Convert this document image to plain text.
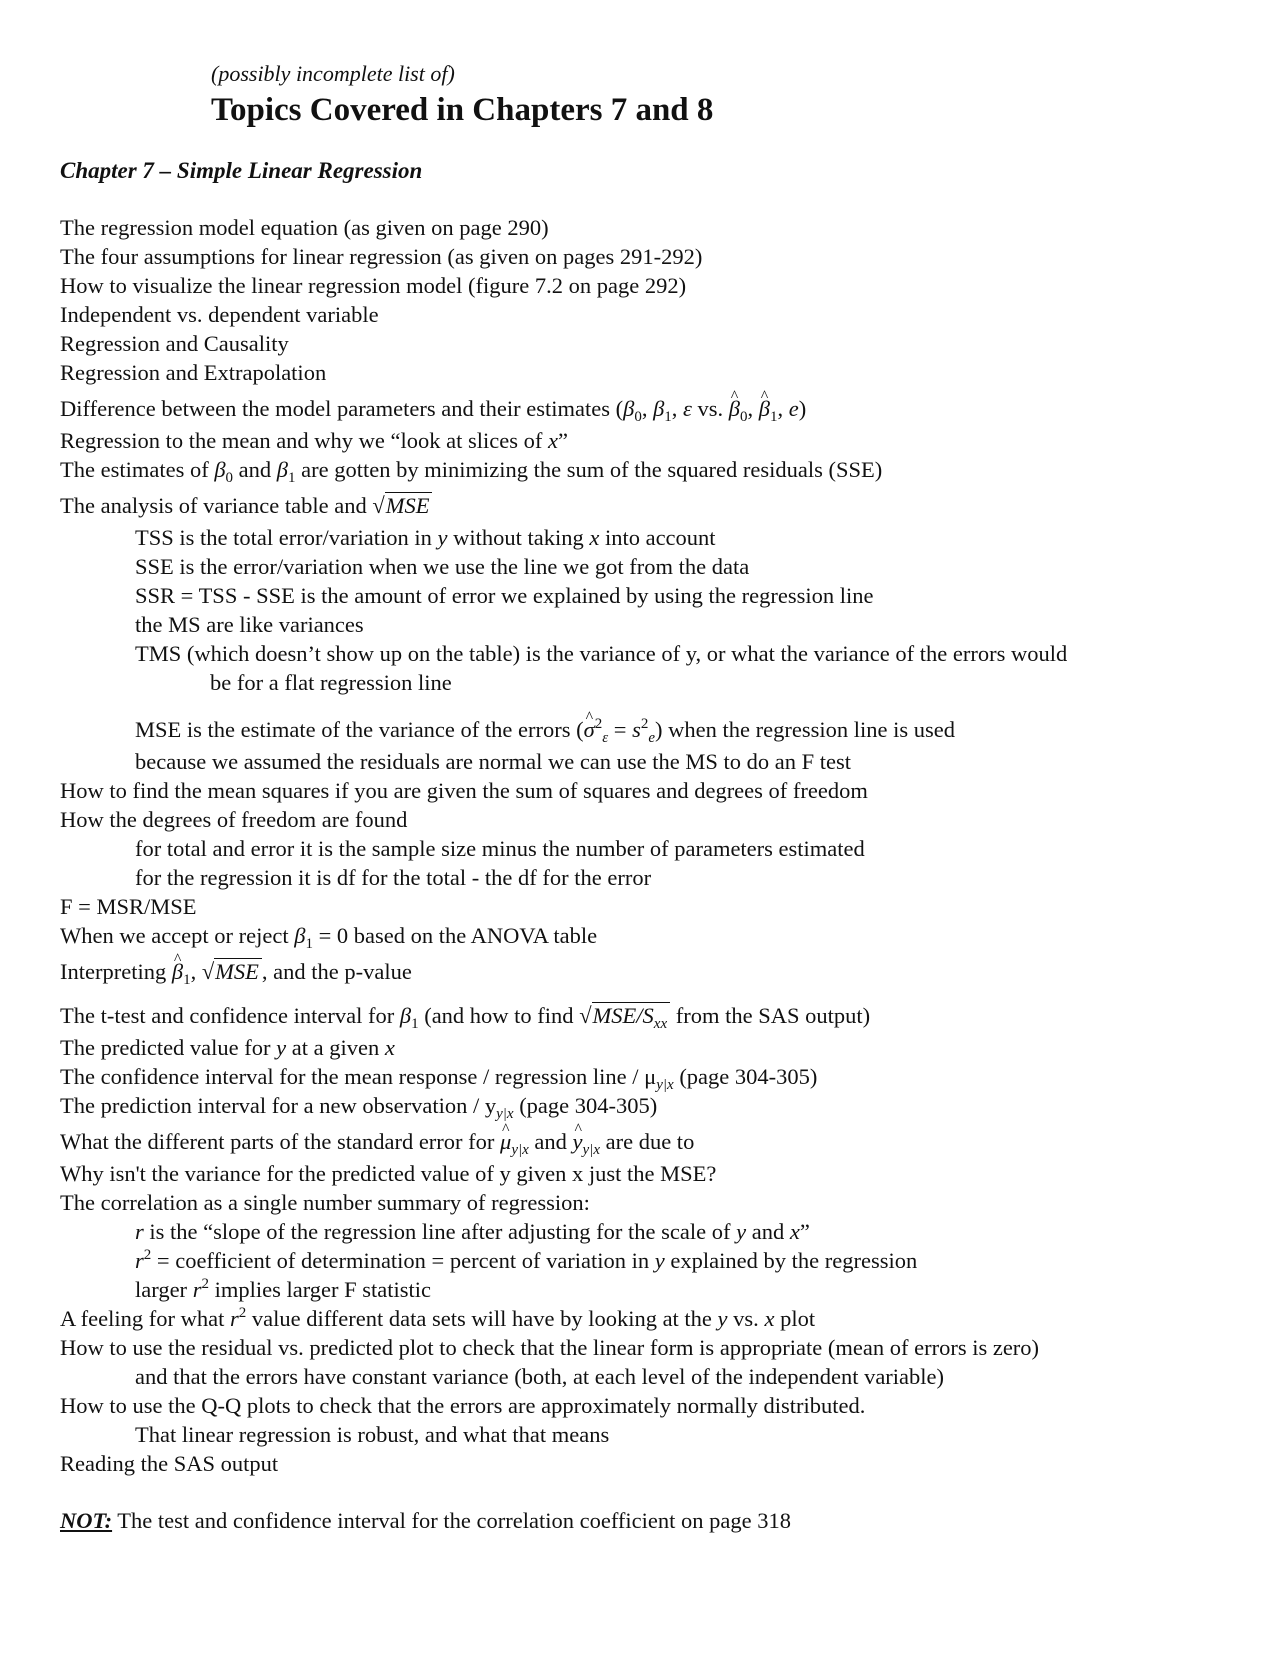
(possibly incomplete list of)
Topics Covered in Chapters 7 and 8
Chapter 7 – Simple Linear Regression
The regression model equation (as given on page 290)
The four assumptions for linear regression (as given on pages 291-292)
How to visualize the linear regression model (figure 7.2 on page 292)
Independent vs. dependent variable
Regression and Causality
Regression and Extrapolation
Difference between the model parameters and their estimates ($\beta_0$, $\beta_1$, ε vs. ^ $\beta_0$, ^ $\beta_1$, e)
Regression to the mean and why we “look at slices of x”
The estimates of $\beta_0$ and $\beta_1$ are gotten by minimizing the sum of the squared residuals (SSE)
The analysis of variance table and √MSE
TSS is the total error/variation in y without taking x into account
SSE is the error/variation when we use the line we got from the data
SSR = TSS - SSE is the amount of error we explained by using the regression line
the MS are like variances
TMS (which doesn’t show up on the table) is the variance of y, or what the variance of the errors would
be for a flat regression line
MSE is the estimate of the variance of the errors (^ $\sigma^2_\varepsilon = s^2_e$) when the regression line is used
because we assumed the residuals are normal we can use the MS to do an F test
How to find the mean squares if you are given the sum of squares and degrees of freedom
How the degrees of freedom are found
for total and error it is the sample size minus the number of parameters estimated
for the regression it is df for the total - the df for the error
F = MSR/MSE
When we accept or reject $\beta_1 = 0$ based on the ANOVA table
Interpreting ^ $\beta_1$, √MSE , and the p-value
The t-test and confidence interval for $\beta_1$ (and how to find $√MSE/S_{xx}$ from the SAS output)
The predicted value for y at a given x
The confidence interval for the mean response / regression line / $\mu_{y|x}$ (page 304-305)
The prediction interval for a new observation / $y_{y|x}$ (page 304-305)
What the different parts of the standard error for ^ $\mu_{y|x}$ and ^ $y_{y|x}$ are due to
Why isn't the variance for the predicted value of y given x just the MSE?
The correlation as a single number summary of regression:
r is the “slope of the regression line after adjusting for the scale of y and x”
$r^2$ = coefficient of determination = percent of variation in y explained by the regression
larger $r^2$ implies larger F statistic
A feeling for what $r^2$ value different data sets will have by looking at the y vs. x plot
How to use the residual vs. predicted plot to check that the linear form is appropriate (mean of errors is zero)
and that the errors have constant variance (both, at each level of the independent variable)
How to use the Q-Q plots to check that the errors are approximately normally distributed.
That linear regression is robust, and what that means
Reading the SAS output
NOT: The test and confidence interval for the correlation coefficient on page 318
